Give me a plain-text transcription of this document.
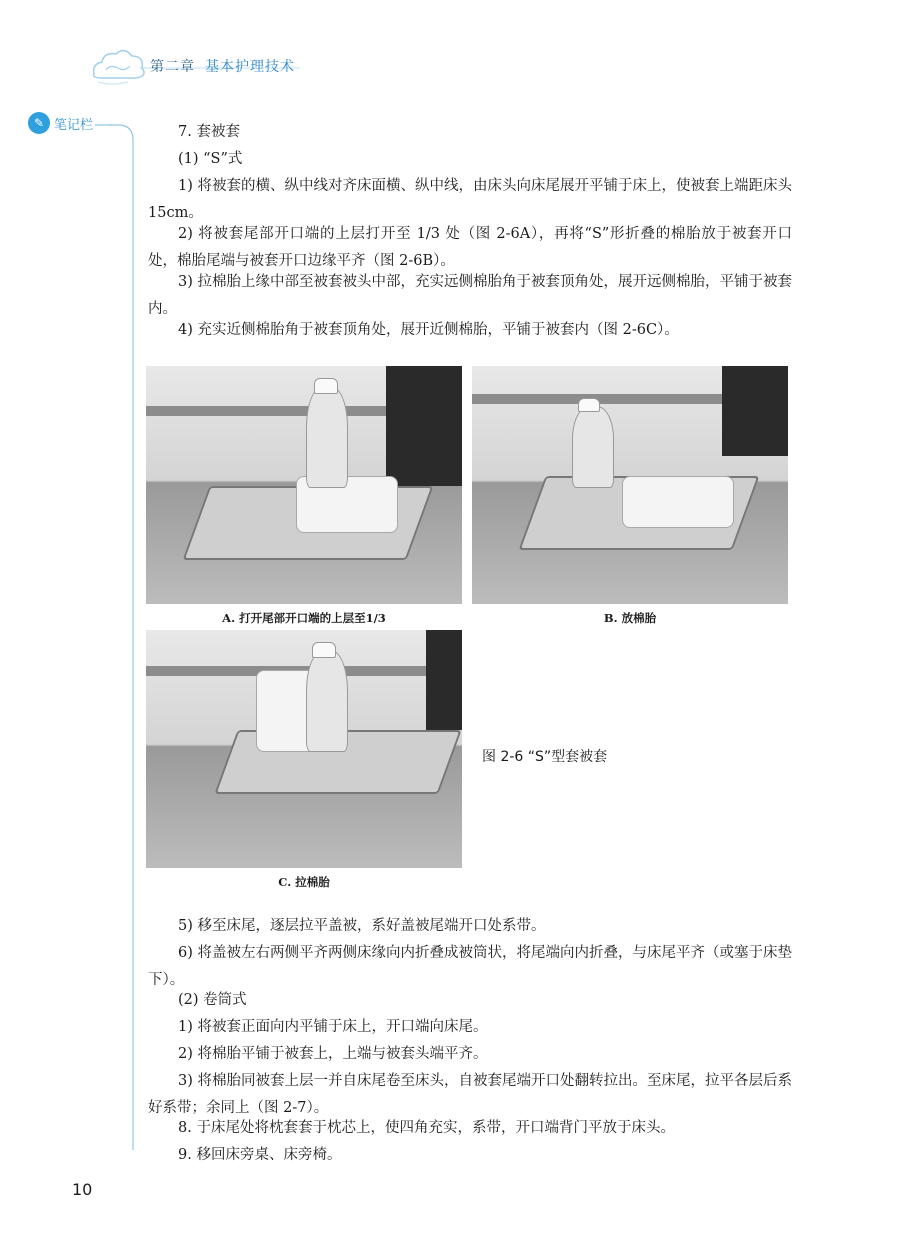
第二章 基本护理技术
✎ 笔记栏	7. 套被套
(1) “S”式
1) 将被套的横、纵中线对齐床面横、纵中线，由床头向床尾展开平铺于床上，使被套上端距床头 15cm。
2) 将被套尾部开口端的上层打开至 1/3 处（图 2-6A），再将“S”形折叠的棉胎放于被套开口处，棉胎尾端与被套开口边缘平齐（图 2-6B）。
3) 拉棉胎上缘中部至被套被头中部，充实远侧棉胎角于被套顶角处，展开远侧棉胎，平铺于被套内。
4) 充实近侧棉胎角于被套顶角处，展开近侧棉胎，平铺于被套内（图 2-6C）。
A. 打开尾部开口端的上层至1/3	B. 放棉胎
C. 拉棉胎
图 2-6 “S”型套被套
5) 移至床尾，逐层拉平盖被，系好盖被尾端开口处系带。
6) 将盖被左右两侧平齐两侧床缘向内折叠成被筒状，将尾端向内折叠，与床尾平齐（或塞于床垫下）。
(2) 卷筒式
1) 将被套正面向内平铺于床上，开口端向床尾。
2) 将棉胎平铺于被套上，上端与被套头端平齐。
3) 将棉胎同被套上层一并自床尾卷至床头，自被套尾端开口处翻转拉出。至床尾，拉平各层后系好系带；余同上（图 2-7）。
8. 于床尾处将枕套套于枕芯上，使四角充实，系带，开口端背门平放于床头。
9. 移回床旁桌、床旁椅。
10
